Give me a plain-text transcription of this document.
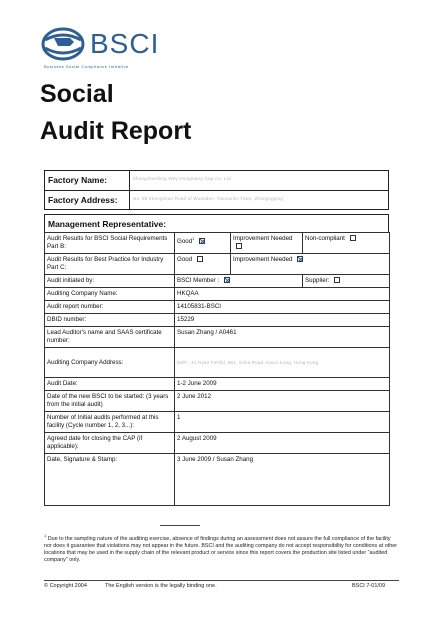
BSCI
Business Social Compliance Initiative
Social
Audit Report
Factory Name:	Zhongshanfeng Wey Hongmang Gap Co. Ltd
Factory Address:	No. 88 Zhongshan Road of Wuaoden, Tianxanlin Town, Zhongngqing
Management Representative:
Audit Results for BSCI Social Requirements Part B:	Good$^1$	Improvement Needed	Non-compliant
Audit Results for Best Practice for Industry Part C:	Good	Improvement Needed	
Audit initiated by:	BSCI Member :		Supplier:
Auditing Company Name:	HKQAA		
Audit report number:	14105831-BSCI		
DBID number:	15229		
Lead Auditor's name and SAAS certificate number:	Susan Zhang / A0461		
Auditing Company Address:	B8/F., 41 Ryan Fortful, 881, Golia Road, Kwun Kong, Hong Kong		
Audit Date:	1-2 June 2009		
Date of the new BSCI to be started: (3 years from the initial audit)	2 June 2012		
Number of Initial audits performed at this facility (Cycle number 1, 2, 3...):	1		
Agreed date for closing the CAP (if applicable):	2 August 2009		
Date, Signature & Stamp:	3 June 2009 / Susan Zhang		
$^1$ Due to the sampling nature of the auditing exercise, absence of findings during an assessment does not assure the full compliance of the facility nor does it guarantee that violations may not appear in the future. BSCI and the auditing company do not accept responsibility for conditions at other locations that may be used in the supply chain of the relevant product or service since this report covers the production site listed under "audited company" only.
© Copyright 2004	The English version is the legally binding one.	BSCI 7-01/09
